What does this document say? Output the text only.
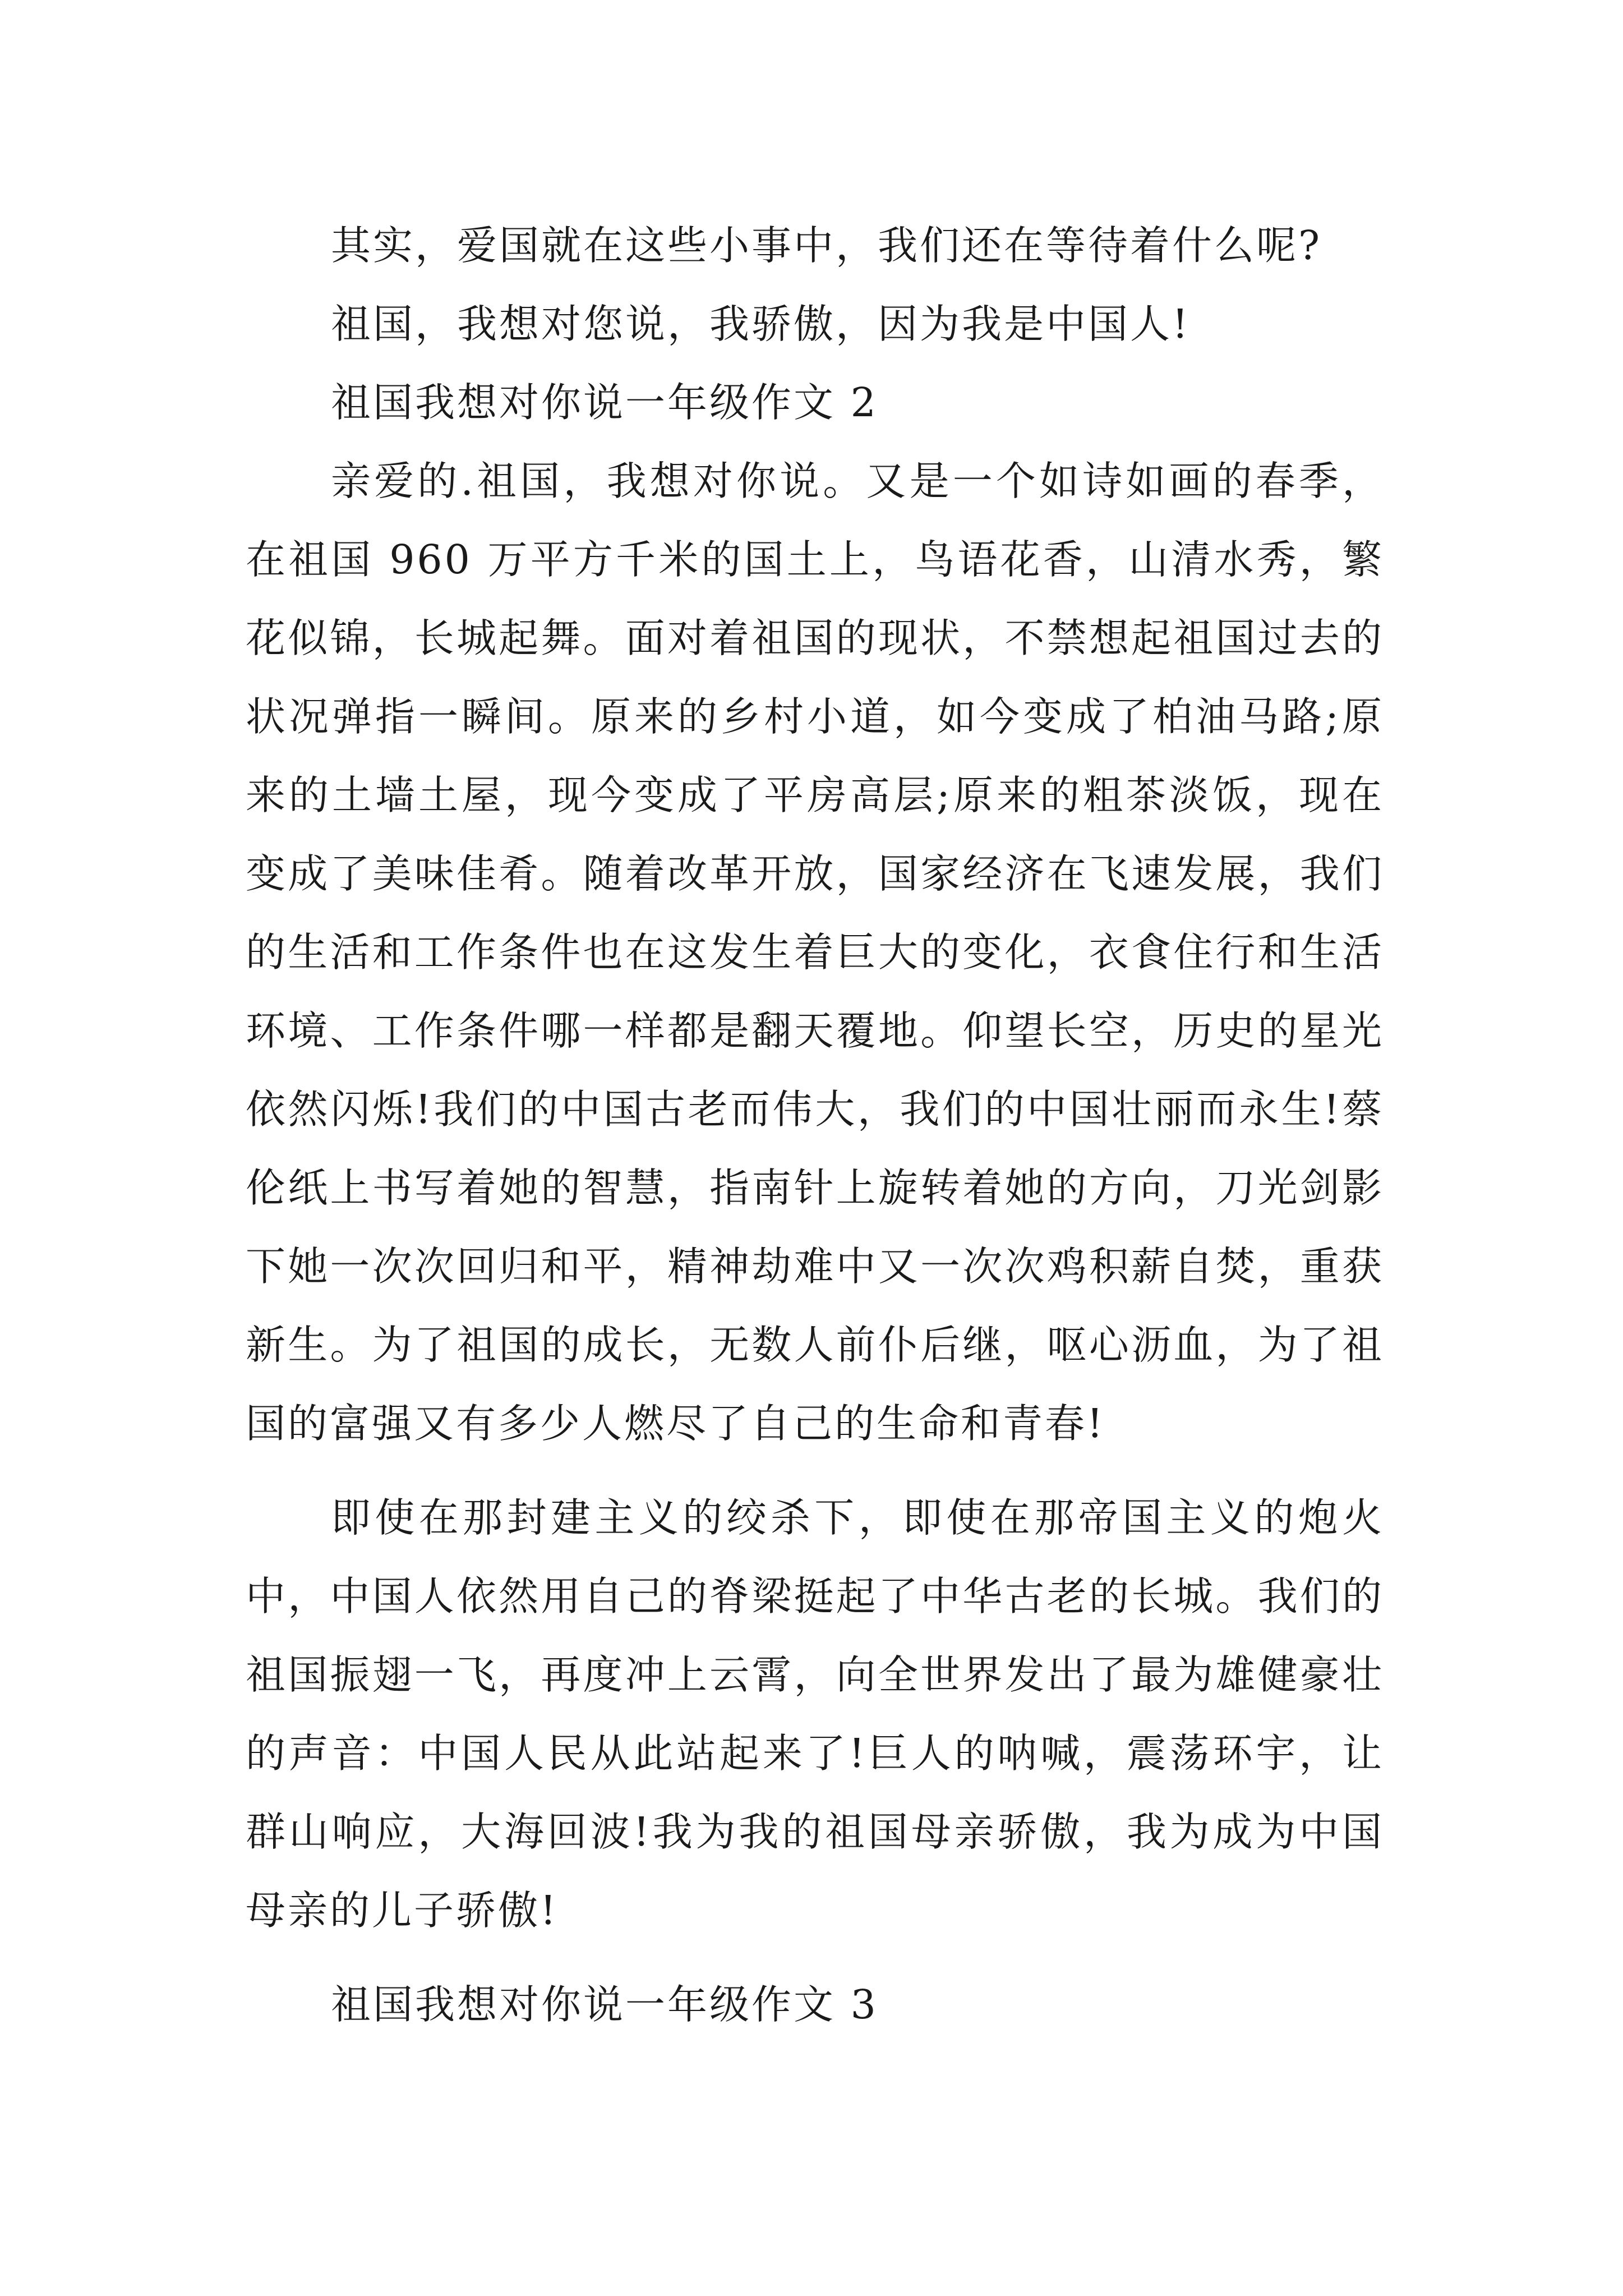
其实，爱国就在这些小事中，我们还在等待着什么呢?

祖国，我想对您说，我骄傲，因为我是中国人!

祖国我想对你说一年级作文 2

亲爱的.祖国，我想对你说。又是一个如诗如画的春季，在祖国 960 万平方千米的国土上，鸟语花香，山清水秀，繁花似锦，长城起舞。面对着祖国的现状，不禁想起祖国过去的状况弹指一瞬间。原来的乡村小道，如今变成了柏油马路;原来的土墙土屋，现今变成了平房高层;原来的粗茶淡饭，现在变成了美味佳肴。随着改革开放，国家经济在飞速发展，我们的生活和工作条件也在这发生着巨大的变化，衣食住行和生活环境、工作条件哪一样都是翻天覆地。仰望长空，历史的星光依然闪烁!我们的中国古老而伟大，我们的中国壮丽而永生!蔡伦纸上书写着她的智慧，指南针上旋转着她的方向，刀光剑影下她一次次回归和平，精神劫难中又一次次鸡积薪自焚，重获新生。为了祖国的成长，无数人前仆后继，呕心沥血，为了祖国的富强又有多少人燃尽了自己的生命和青春!

即使在那封建主义的绞杀下，即使在那帝国主义的炮火中，中国人依然用自己的脊梁挺起了中华古老的长城。我们的祖国振翅一飞，再度冲上云霄，向全世界发出了最为雄健豪壮的声音：中国人民从此站起来了!巨人的呐喊，震荡环宇，让群山响应，大海回波!我为我的祖国母亲骄傲，我为成为中国母亲的儿子骄傲!

祖国我想对你说一年级作文 3
